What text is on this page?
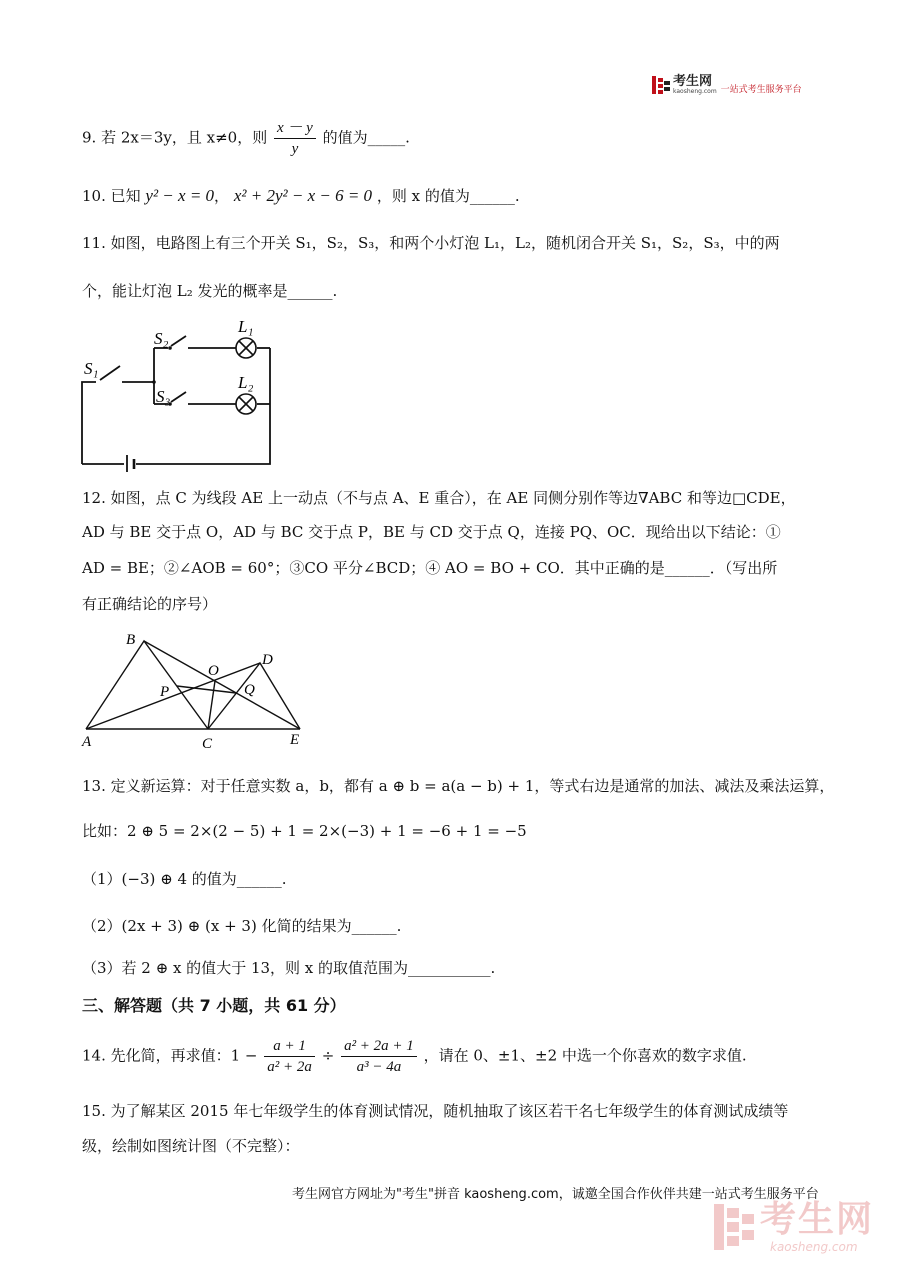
考生网
kaosheng.com 一站式考生服务平台
9. 若 2x＝3y，且 x≠0，则 $\frac{x - y}{y}$ 的值为_____.
10. 已知 y² − x = 0， x² + 2y² − x − 6 = 0 ，则 x 的值为______.
11. 如图，电路图上有三个开关 S₁，S₂，S₃，和两个小灯泡 L₁，L₂，随机闭合开关 S₁，S₂，S₃，中的两
个，能让灯泡 L₂ 发光的概率是______.
S₁
S₂
S₃
L₁
L₂
12. 如图，点 C 为线段 AE 上一动点（不与点 A、E 重合），在 AE 同侧分别作等边∇ABC 和等边□CDE，
AD 与 BE 交于点 O，AD 与 BC 交于点 P，BE 与 CD 交于点 Q，连接 PQ、OC．现给出以下结论：①
AD = BE；②∠AOB = 60°；③CO 平分∠BCD；④ AO = BO + CO．其中正确的是______．（写出所
有正确结论的序号）
B
A	C
D
E
O
P	Q
13. 定义新运算：对于任意实数 a，b，都有 a ⊕ b = a(a − b) + 1，等式右边是通常的加法、减法及乘法运算，
比如：2 ⊕ 5 = 2×(2 − 5) + 1 = 2×(−3) + 1 = −6 + 1 = −5
（1）(−3) ⊕ 4 的值为______.
（2）(2x + 3) ⊕ (x + 3) 化简的结果为______.
（3）若 2 ⊕ x 的值大于 13，则 x 的取值范围为___________.
三、解答题（共 7 小题，共 61 分）
14. 先化简，再求值：$1 - \frac{a + 1}{\text{a² + 2a}} \div \frac{\text{a² + 2a + 1}}{\text{a³ − 4a}}$ ，请在 0、±1、±2 中选一个你喜欢的数字求值.
15. 为了解某区 2015 年七年级学生的体育测试情况，随机抽取了该区若干名七年级学生的体育测试成绩等
级，绘制如图统计图（不完整）：
考生网官方网址为"考生"拼音 kaosheng.com，诚邀全国合作伙伴共建一站式考生服务平台
考生网
kaosheng.com
